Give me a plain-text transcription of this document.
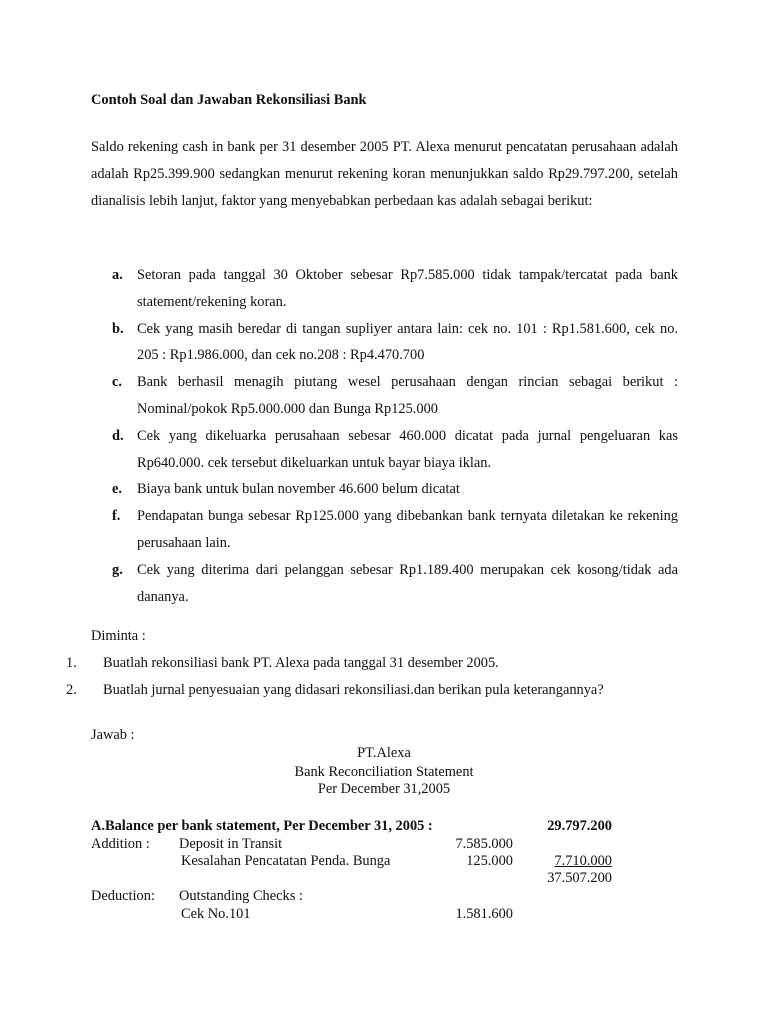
Contoh Soal dan Jawaban Rekonsiliasi Bank
Saldo rekening cash in bank per 31 desember 2005 PT. Alexa menurut pencatatan perusahaan adalah adalah Rp25.399.900 sedangkan menurut rekening koran menunjukkan saldo Rp29.797.200, setelah dianalisis lebih lanjut, faktor yang menyebabkan perbedaan kas adalah sebagai berikut:
a. Setoran pada tanggal 30 Oktober sebesar Rp7.585.000 tidak tampak/tercatat pada bank statement/rekening koran.
b. Cek yang masih beredar di tangan supliyer antara lain: cek no. 101 : Rp1.581.600, cek no. 205 : Rp1.986.000, dan cek no.208 : Rp4.470.700
c.	Bank berhasil menagih piutang wesel perusahaan dengan rincian sebagai berikut : Nominal/pokok Rp5.000.000 dan Bunga Rp125.000
d. Cek yang dikeluarka perusahaan sebesar 460.000 dicatat pada jurnal pengeluaran kas Rp640.000. cek tersebut dikeluarkan untuk bayar biaya iklan.
e.	Biaya bank untuk bulan november 46.600 belum dicatat
f.	Pendapatan bunga sebesar Rp125.000 yang dibebankan bank ternyata diletakan ke rekening perusahaan lain.
g. Cek yang diterima dari pelanggan sebesar Rp1.189.400 merupakan cek kosong/tidak ada dananya.
Diminta :
1.	Buatlah rekonsiliasi bank PT. Alexa pada tanggal 31 desember 2005.
2.	Buatlah jurnal penyesuaian yang didasari rekonsiliasi.dan berikan pula keterangannya?
Jawab :
PT.Alexa
Bank Reconciliation Statement
Per December 31,2005
A.Balance per bank statement, Per December 31, 2005 :	29.797.200
Addition : Deposit in Transit	7.585.000
Kesalahan Pencatatan Penda. Bunga	125.000	7.710.000
37.507.200
Deduction: Outstanding Checks :
Cek No.101	1.581.600
